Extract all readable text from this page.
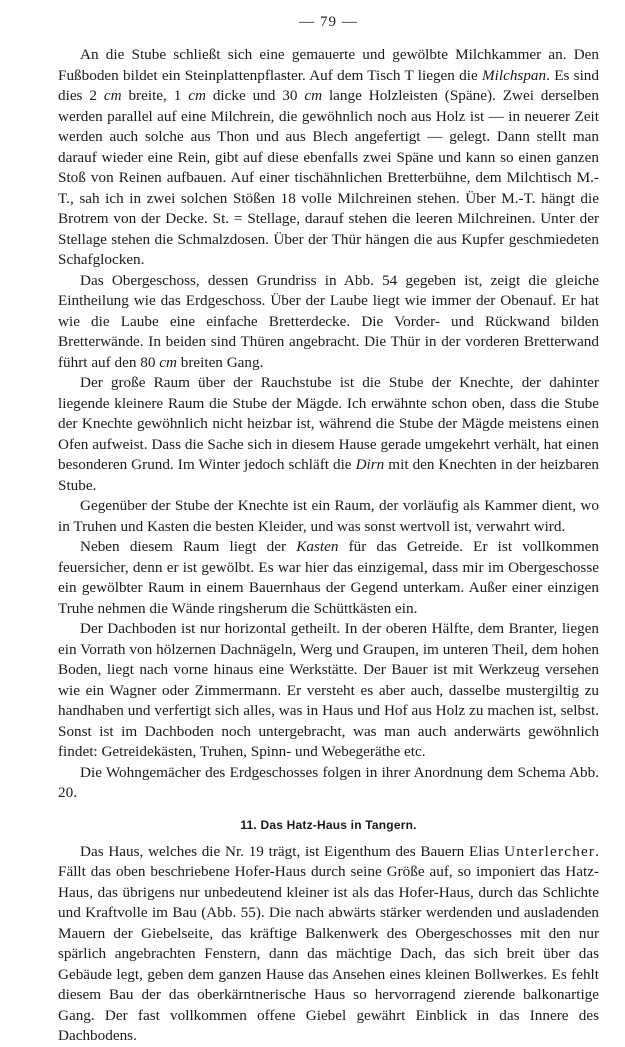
— 79 —

An die Stube schließt sich eine gemauerte und gewölbte Milchkammer an. Den Fußboden bildet ein Steinplattenpflaster. Auf dem Tisch T liegen die Milchspan. Es sind dies 2 cm breite, 1 cm dicke und 30 cm lange Holzleisten (Späne). Zwei derselben werden parallel auf eine Milchrein, die gewöhnlich noch aus Holz ist — in neuerer Zeit werden auch solche aus Thon und aus Blech angefertigt — gelegt. Dann stellt man darauf wieder eine Rein, gibt auf diese ebenfalls zwei Späne und kann so einen ganzen Stoß von Reinen aufbauen. Auf einer tischähnlichen Bretterbühne, dem Milchtisch M.-T., sah ich in zwei solchen Stößen 18 volle Milchreinen stehen. Über M.-T. hängt die Brotrem von der Decke. St. = Stellage, darauf stehen die leeren Milchreinen. Unter der Stellage stehen die Schmalzdosen. Über der Thür hängen die aus Kupfer geschmiedeten Schafglocken.

Das Obergeschoss, dessen Grundriss in Abb. 54 gegeben ist, zeigt die gleiche Eintheilung wie das Erdgeschoss. Über der Laube liegt wie immer der Obenauf. Er hat wie die Laube eine einfache Bretterdecke. Die Vorder- und Rückwand bilden Bretterwände. In beiden sind Thüren angebracht. Die Thür in der vorderen Bretterwand führt auf den 80 cm breiten Gang.

Der große Raum über der Rauchstube ist die Stube der Knechte, der dahinter liegende kleinere Raum die Stube der Mägde. Ich erwähnte schon oben, dass die Stube der Knechte gewöhnlich nicht heizbar ist, während die Stube der Mägde meistens einen Ofen aufweist. Dass die Sache sich in diesem Hause gerade umgekehrt verhält, hat einen besonderen Grund. Im Winter jedoch schläft die Dirn mit den Knechten in der heizbaren Stube.

Gegenüber der Stube der Knechte ist ein Raum, der vorläufig als Kammer dient, wo in Truhen und Kasten die besten Kleider, und was sonst wertvoll ist, verwahrt wird.

Neben diesem Raum liegt der Kasten für das Getreide. Er ist vollkommen feuersicher, denn er ist gewölbt. Es war hier das einzigemal, dass mir im Obergeschosse ein gewölbter Raum in einem Bauernhaus der Gegend unterkam. Außer einer einzigen Truhe nehmen die Wände ringsherum die Schüttkästen ein.

Der Dachboden ist nur horizontal getheilt. In der oberen Hälfte, dem Branter, liegen ein Vorrath von hölzernen Dachnägeln, Werg und Graupen, im unteren Theil, dem hohen Boden, liegt nach vorne hinaus eine Werkstätte. Der Bauer ist mit Werkzeug versehen wie ein Wagner oder Zimmermann. Er versteht es aber auch, dasselbe mustergiltig zu handhaben und verfertigt sich alles, was in Haus und Hof aus Holz zu machen ist, selbst. Sonst ist im Dachboden noch untergebracht, was man auch anderwärts gewöhnlich findet: Getreidekästen, Truhen, Spinn- und Webegeräthe etc.

Die Wohngemächer des Erdgeschosses folgen in ihrer Anordnung dem Schema Abb. 20.

11. Das Hatz-Haus in Tangern.

Das Haus, welches die Nr. 19 trägt, ist Eigenthum des Bauern Elias Unterlercher. Fällt das oben beschriebene Hofer-Haus durch seine Größe auf, so imponiert das Hatz-Haus, das übrigens nur unbedeutend kleiner ist als das Hofer-Haus, durch das Schlichte und Kraftvolle im Bau (Abb. 55). Die nach abwärts stärker werdenden und ausladenden Mauern der Giebelseite, das kräftige Balkenwerk des Obergeschosses mit den nur spärlich angebrachten Fenstern, dann das mächtige Dach, das sich breit über das Gebäude legt, geben dem ganzen Hause das Ansehen eines kleinen Bollwerkes. Es fehlt diesem Bau der das oberkärntnerische Haus so hervorragend zierende balkonartige Gang. Der fast vollkommen offene Giebel gewährt Einblick in das Innere des Dachbodens.
